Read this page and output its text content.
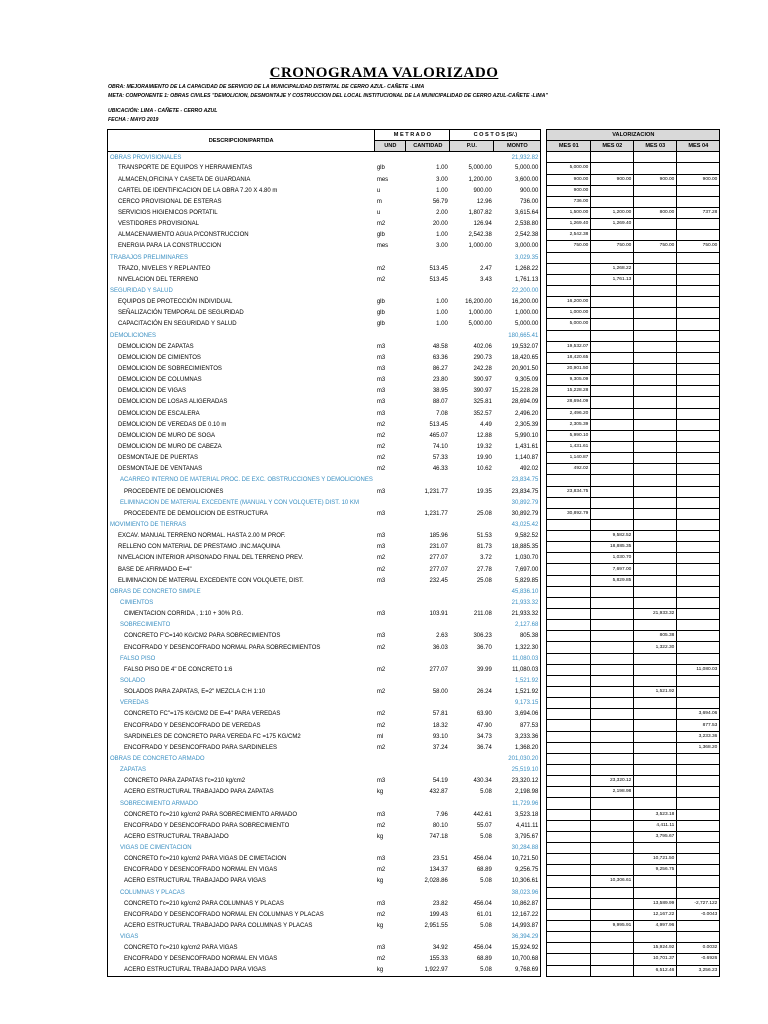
CRONOGRAMA VALORIZADO
OBRA: MEJORAMIENTO DE LA CAPACIDAD DE SERVICIO DE LA MUNICIPALIDAD DISTRITAL DE CERRO AZUL- CAÑETE -LIMA
META: COMPONENTE 1: OBRAS CIVILES "DEMOLICION, DESMONTAJE Y COSTRUCCION DEL LOCAL INSTITUCIONAL DE LA MUNICIPALIDAD DE CERRO AZUL-CAÑETE -LIMA"
UBICACIÓN: LIMA - CAÑETE - CERRO AZUL
FECHA : MAYO 2019
DESCRIPCION/PARTIDA	M E T R A D O		C O S T O S (S/.)			VALORIZACION			
	UND	CANTIDAD	P.U.	MONTO		MES 01	MES 02	MES 03	MES 04
OBRAS PROVISIONALES				21,932.82					
TRANSPORTE DE EQUIPOS Y HERRAMIENTAS	glb	1.00	5,000.00	5,000.00		5,000.00			
ALMACEN,OFICINA Y CASETA DE GUARDANIA	mes	3.00	1,200.00	3,600.00		900.00	900.00	900.00	900.00
CARTEL DE IDENTIFICACION DE LA OBRA 7.20 X 4.80 m	u	1.00	900.00	900.00		900.00			
CERCO PROVISIONAL DE ESTERAS	m	56.79	12.96	736.00		736.00			
SERVICIOS HIGIENICOS PORTATIL	u	2.00	1,807.82	3,615.64		1,500.00	1,200.00	800.00	737.28
VESTIDORES PROVISIONAL	m2	20.00	126.94	2,538.80		1,269.40	1,269.40		
ALMACENAMIENTO AGUA P/CONSTRUCCION	glb	1.00	2,542.38	2,542.38		2,542.38			
ENERGIA PARA LA CONSTRUCCION	mes	3.00	1,000.00	3,000.00		750.00	750.00	750.00	750.00
TRABAJOS PRELIMINARES				3,029.35					
TRAZO, NIVELES Y REPLANTEO	m2	513.45	2.47	1,268.22			1,268.22		
NIVELACION DEL TERRENO	m2	513.45	3.43	1,761.13			1,761.13		
SEGURIDAD Y SALUD				22,200.00					
EQUIPOS DE PROTECCIÓN INDIVIDUAL	glb	1.00	16,200.00	16,200.00		16,200.00			
SEÑALIZACIÓN TEMPORAL DE SEGURIDAD	glb	1.00	1,000.00	1,000.00		1,000.00			
CAPACITACIÓN EN SEGURIDAD Y SALUD	glb	1.00	5,000.00	5,000.00		5,000.00			
DEMOLICIONES				180,665.41					
DEMOLICION DE ZAPATAS	m3	48.58	402.06	19,532.07		19,532.07			
DEMOLICION DE CIMIENTOS	m3	63.36	290.73	18,420.65		18,420.65			
DEMOLICION DE SOBRECIMIENTOS	m3	86.27	242.28	20,901.50		20,901.50			
DEMOLICION DE COLUMNAS	m3	23.80	390.97	9,305.09		9,305.09			
DEMOLICION DE VIGAS	m3	38.95	390.97	15,228.28		15,228.28			
DEMOLICION DE LOSAS ALIGERADAS	m3	88.07	325.81	28,694.09		28,694.09			
DEMOLICION DE ESCALERA	m3	7.08	352.57	2,496.20		2,496.20			
DEMOLICION DE VEREDAS DE 0.10 m	m2	513.45	4.49	2,305.39		2,305.39			
DEMOLICION DE MURO DE SOGA	m2	465.07	12.88	5,990.10		5,990.10			
DEMOLICION DE MURO DE CABEZA	m2	74.10	19.32	1,431.61		1,431.61			
DESMONTAJE DE PUERTAS	m2	57.33	19.90	1,140.87		1,140.87			
DESMONTAJE DE VENTANAS	m2	46.33	10.62	492.02		492.02			
ACARREO INTERNO DE MATERIAL PROC. DE EXC. OBSTRUCCIONES Y DEMOLICIONES				23,834.75					
PROCEDENTE DE DEMOLICIONES	m3	1,231.77	19.35	23,834.75		23,834.75			
ELIMINACION DE MATERIAL EXCEDENTE (MANUAL Y CON VOLQUETE) DIST. 10 KM				30,892.79					
PROCEDENTE DE DEMOLICION DE ESTRUCTURA	m3	1,231.77	25.08	30,892.79		30,892.79			
MOVIMIENTO DE TIERRAS				43,025.42					
EXCAV. MANUAL TERRENO NORMAL. HASTA 2.00 M PROF.	m3	185.96	51.53	9,582.52			9,582.52		
RELLENO CON MATERIAL DE PRESTAMO .INC.MAQUINA	m3	231.07	81.73	18,885.35			18,885.35		
NIVELACION INTERIOR APISONADO FINAL DEL TERRENO PREV.	m2	277.07	3.72	1,030.70			1,030.70		
BASE DE AFIRMADO E=4"	m2	277.07	27.78	7,697.00			7,697.00		
ELIMINACION DE MATERIAL EXCEDENTE CON VOLQUETE, DIST.	m3	232.45	25.08	5,829.85			5,829.85		
OBRAS DE CONCRETO SIMPLE				45,836.10					
CIMIENTOS				21,933.32					
CIMENTACION CORRIDA , 1:10 + 30% P.G.	m3	103.91	211.08	21,933.32				21,933.32	
SOBRECIMIENTO				2,127.68					
CONCRETO F'C=140 KG/CM2 PARA SOBRECIMIENTOS	m3	2.63	306.23	805.38				805.38	
ENCOFRADO Y DESENCOFRADO NORMAL PARA SOBRECIMIENTOS	m2	36.03	36.70	1,322.30				1,322.30	
FALSO PISO				11,080.03					
FALSO PISO DE 4" DE CONCRETO 1:6	m2	277.07	39.99	11,080.03					11,080.03
SOLADO				1,521.92					
SOLADOS PARA ZAPATAS, E=2" MEZCLA C:H 1:10	m2	58.00	26.24	1,521.92				1,521.92	
VEREDAS				9,173.15					
CONCRETO FC"=175 KG/CM2 DE E=4" PARA VEREDAS	m2	57.81	63.90	3,694.06					3,694.06
ENCOFRADO Y DESENCOFRADO DE VEREDAS	m2	18.32	47.90	877.53					877.53
SARDINELES DE CONCRETO PARA VEREDA FC =175 KG/CM2	ml	93.10	34.73	3,233.36					3,233.36
ENCOFRADO Y DESENCOFRADO PARA SARDINELES	m2	37.24	36.74	1,368.20					1,368.20
OBRAS DE CONCRETO ARMADO				201,030.20					
ZAPATAS				25,519.10					
CONCRETO PARA ZAPATAS f'c=210 kg/cm2	m3	54.19	430.34	23,320.12			23,320.12		
ACERO ESTRUCTURAL TRABAJADO PARA ZAPATAS	kg	432.87	5.08	2,198.98			2,198.98		
SOBRECIMIENTO ARMADO				11,729.96					
CONCRETO f'c=210 kg/cm2 PARA SOBRECIMIENTO ARMADO	m3	7.96	442.61	3,523.18				3,523.18	
ENCOFRADO Y DESENCOFRADO PARA SOBRECIMIENTO	m2	80.10	55.07	4,411.11				4,411.11	
ACERO ESTRUCTURAL TRABAJADO	kg	747.18	5.08	3,795.67				3,795.67	
VIGAS DE CIMENTACION				30,284.88					
CONCRETO f'c=210 kg/cm2 PARA VIGAS DE CIMETACION	m3	23.51	456.04	10,721.50				10,721.50	
ENCOFRADO Y DESENCOFRADO NORMAL EN VIGAS	m2	134.37	68.89	9,256.75				9,256.75	
ACERO ESTRUCTURAL TRABAJADO PARA VIGAS	kg	2,028.86	5.08	10,306.61			10,306.61		
COLUMNAS Y PLACAS				38,023.96					
CONCRETO f'c=210 kg/cm2 PARA COLUMNAS Y PLACAS	m3	23.82	456.04	10,862.87				13,589.99	-2,727.122
ENCOFRADO Y DESENCOFRADO NORMAL EN COLUMNAS Y PLACAS	m2	199.43	61.01	12,167.22				12,167.22	-0.0043
ACERO ESTRUCTURAL TRABAJADO PARA COLUMNAS Y PLACAS	kg	2,951.55	5.08	14,993.87			9,995.91	4,997.96	
VIGAS				36,394.29					
CONCRETO f'c=210 kg/cm2 PARA VIGAS	m3	34.92	456.04	15,924.92				15,924.92	0.0032
ENCOFRADO Y DESENCOFRADO NORMAL EN VIGAS	m2	155.33	68.89	10,700.68				10,701.37	-0.6926
ACERO ESTRUCTURAL TRABAJADO PARA VIGAS	kg	1,922.97	5.08	9,768.69				6,512.46	3,256.23
